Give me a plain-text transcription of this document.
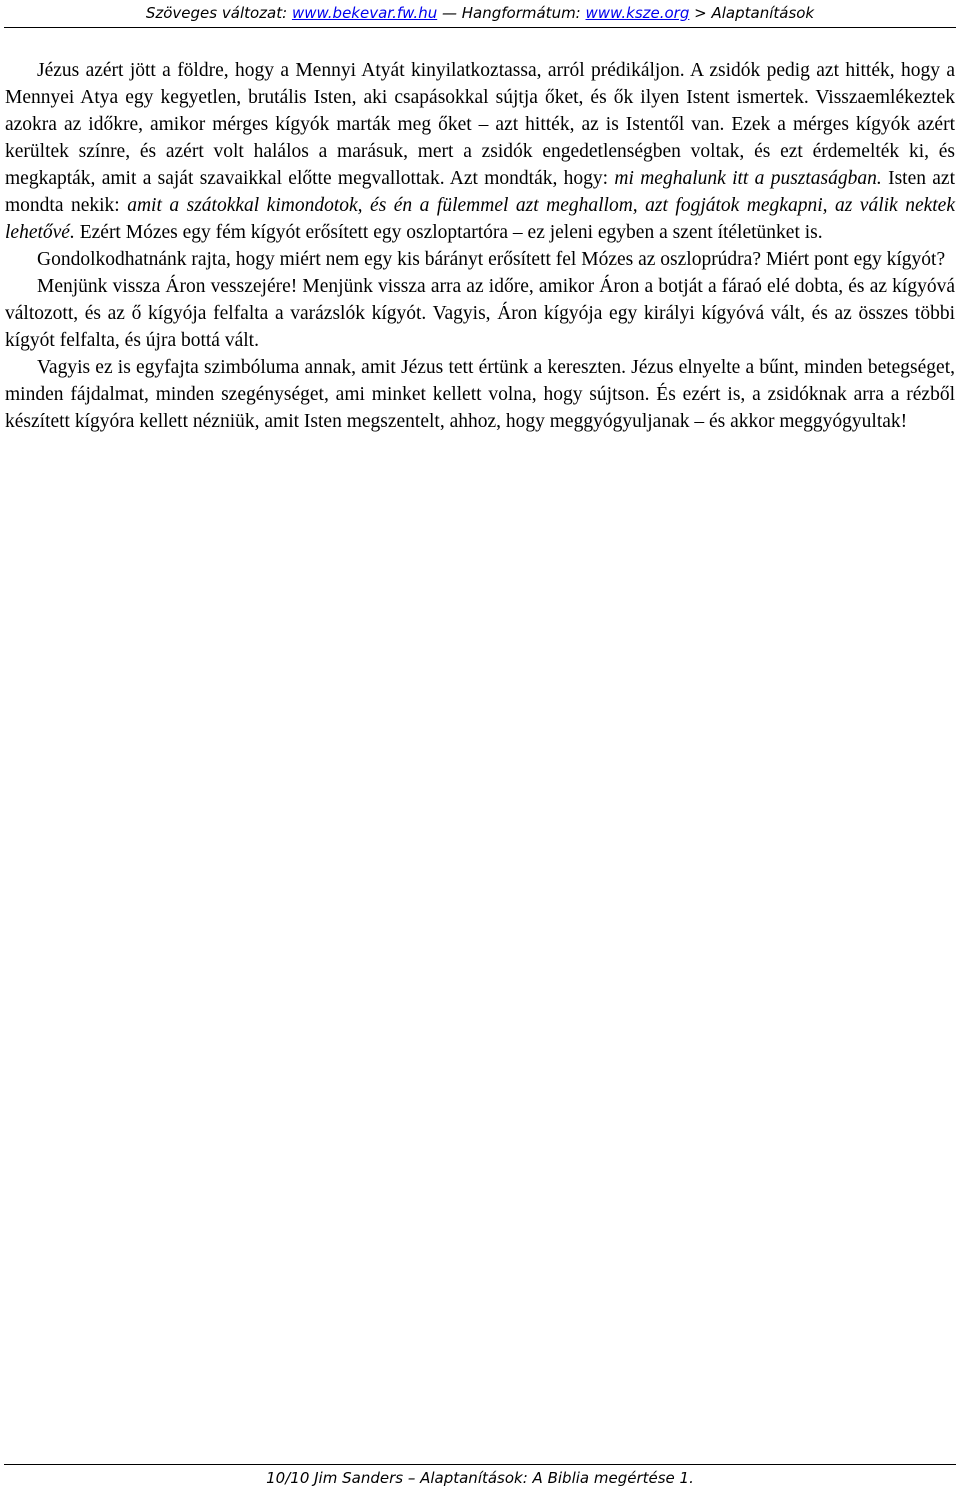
Szöveges változat: www.bekevar.fw.hu — Hangformátum: www.ksze.org > Alaptanítások

Jézus azért jött a földre, hogy a Mennyi Atyát kinyilatkoztassa, arról prédikáljon. A zsidók pedig azt hitték, hogy a Mennyei Atya egy kegyetlen, brutális Isten, aki csapásokkal sújtja őket, és ők ilyen Istent ismertek. Visszaemlékeztek azokra az időkre, amikor mérges kígyók marták meg őket – azt hitték, az is Istentől van. Ezek a mérges kígyók azért kerültek színre, és azért volt halálos a marásuk, mert a zsidók engedetlenségben voltak, és ezt érdemelték ki, és megkapták, amit a saját szavaikkal előtte megvallottak. Azt mondták, hogy: mi meghalunk itt a pusztaságban. Isten azt mondta nekik: amit a szátokkal kimondotok, és én a fülemmel azt meghallom, azt fogjátok megkapni, az válik nektek lehetővé. Ezért Mózes egy fém kígyót erősített egy oszloptartóra – ez jeleni egyben a szent ítéletünket is.

Gondolkodhatnánk rajta, hogy miért nem egy kis bárányt erősített fel Mózes az oszloprúdra? Miért pont egy kígyót?

Menjünk vissza Áron vesszejére! Menjünk vissza arra az időre, amikor Áron a botját a fáraó elé dobta, és az kígyóvá változott, és az ő kígyója felfalta a varázslók kígyót. Vagyis, Áron kígyója egy királyi kígyóvá vált, és az összes többi kígyót felfalta, és újra bottá vált.

Vagyis ez is egyfajta szimbóluma annak, amit Jézus tett értünk a kereszten. Jézus elnyelte a bűnt, minden betegséget, minden fájdalmat, minden szegénységet, ami minket kellett volna, hogy sújtson. És ezért is, a zsidóknak arra a rézből készített kígyóra kellett nézniük, amit Isten megszentelt, ahhoz, hogy meggyógyuljanak – és akkor meggyógyultak!

10/10 Jim Sanders – Alaptanítások: A Biblia megértése 1.
